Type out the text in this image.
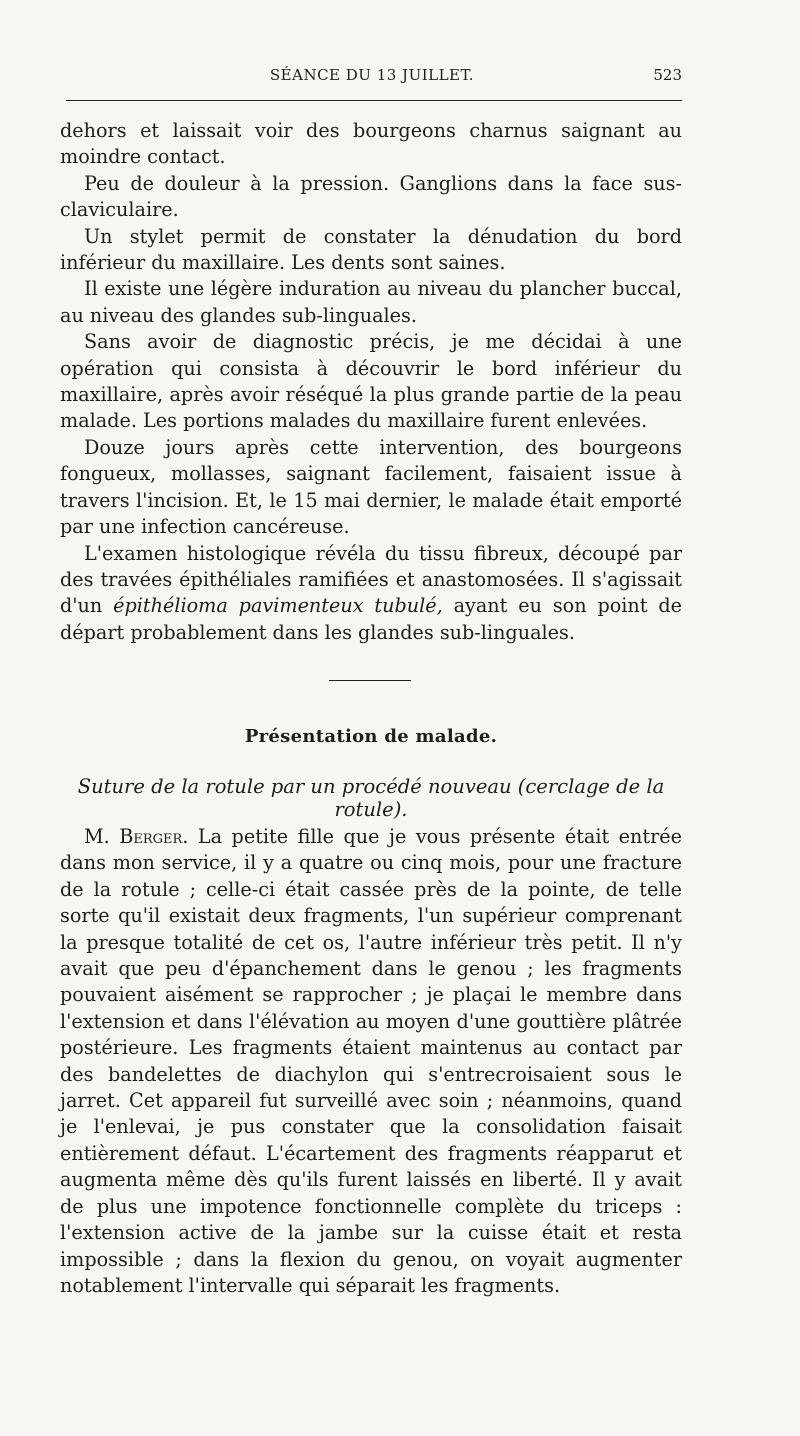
SÉANCE DU 13 JUILLET.	523

dehors et laissait voir des bourgeons charnus saignant au moindre contact.

Peu de douleur à la pression. Ganglions dans la face sus-claviculaire.

Un stylet permit de constater la dénudation du bord inférieur du maxillaire. Les dents sont saines.

Il existe une légère induration au niveau du plancher buccal, au niveau des glandes sub-linguales.

Sans avoir de diagnostic précis, je me décidai à une opération qui consista à découvrir le bord inférieur du maxillaire, après avoir réséqué la plus grande partie de la peau malade. Les portions malades du maxillaire furent enlevées.

Douze jours après cette intervention, des bourgeons fongueux, mollasses, saignant facilement, faisaient issue à travers l'incision. Et, le 15 mai dernier, le malade était emporté par une infection cancéreuse.

L'examen histologique révéla du tissu fibreux, découpé par des travées épithéliales ramifiées et anastomosées. Il s'agissait d'un épithélioma pavimenteux tubulé, ayant eu son point de départ probablement dans les glandes sub-linguales.

Présentation de malade.
Suture de la rotule par un procédé nouveau (cerclage de la rotule).

M. Berger. La petite fille que je vous présente était entrée dans mon service, il y a quatre ou cinq mois, pour une fracture de la rotule ; celle-ci était cassée près de la pointe, de telle sorte qu'il existait deux fragments, l'un supérieur comprenant la presque totalité de cet os, l'autre inférieur très petit. Il n'y avait que peu d'épanchement dans le genou ; les fragments pouvaient aisément se rapprocher ; je plaçai le membre dans l'extension et dans l'élévation au moyen d'une gouttière plâtrée postérieure. Les fragments étaient maintenus au contact par des bandelettes de diachylon qui s'entrecroisaient sous le jarret. Cet appareil fut surveillé avec soin ; néanmoins, quand je l'enlevai, je pus constater que la consolidation faisait entièrement défaut. L'écartement des fragments réapparut et augmenta même dès qu'ils furent laissés en liberté. Il y avait de plus une impotence fonctionnelle complète du triceps : l'extension active de la jambe sur la cuisse était et resta impossible ; dans la flexion du genou, on voyait augmenter notablement l'intervalle qui séparait les fragments.
